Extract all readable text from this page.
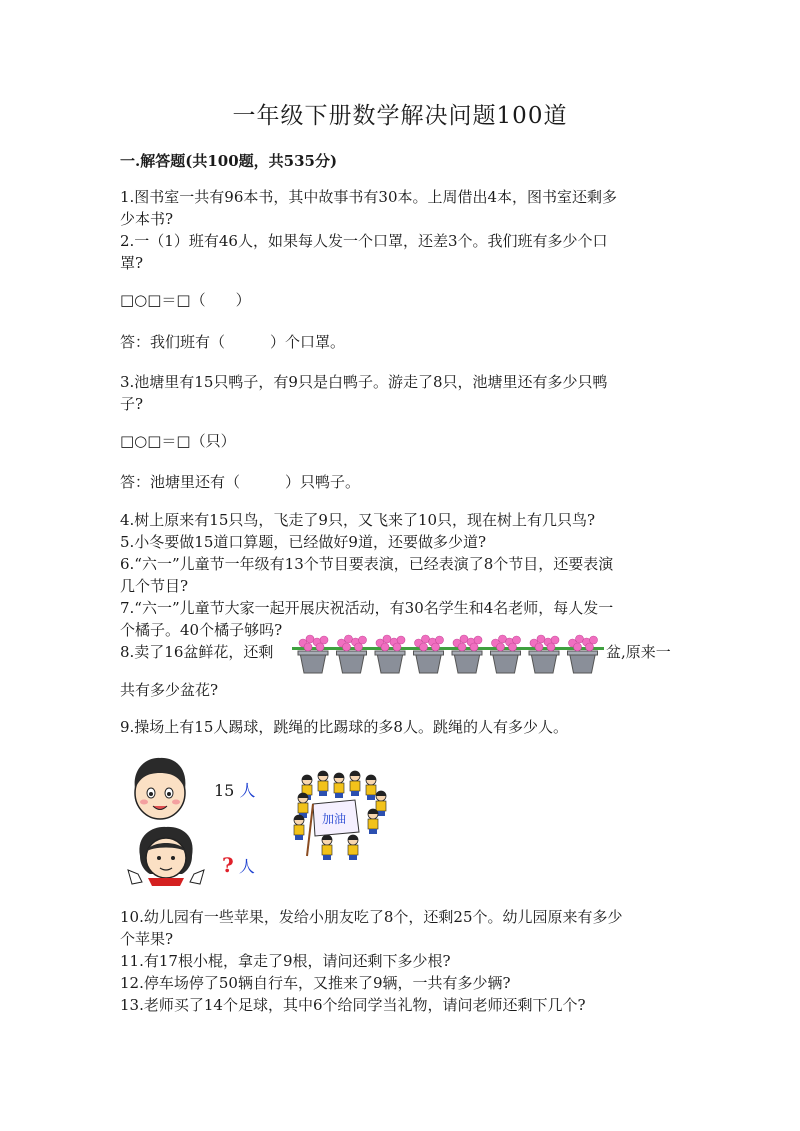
一年级下册数学解决问题100道
一.解答题(共100题，共535分)
1.图书室一共有96本书，其中故事书有30本。上周借出4本，图书室还剩多
少本书?
2.一（1）班有46人，如果每人发一个口罩，还差3个。我们班有多少个口
罩?
□○□＝□（　　）
答：我们班有（　　　）个口罩。
3.池塘里有15只鸭子，有9只是白鸭子。游走了8只，池塘里还有多少只鸭
子?
□○□＝□（只）
答：池塘里还有（　　　）只鸭子。
4.树上原来有15只鸟，飞走了9只，又飞来了10只，现在树上有几只鸟?
5.小冬要做15道口算题，已经做好9道，还要做多少道?
6.“六一”儿童节一年级有13个节目要表演，已经表演了8个节目，还要表演
几个节目?
7.“六一”儿童节大家一起开展庆祝活动，有30名学生和4名老师，每人发一
个橘子。40个橘子够吗?
8.卖了16盆鲜花，还剩	盆,原来一
共有多少盆花?
9.操场上有15人踢球，跳绳的比踢球的多8人。跳绳的人有多少人。
15 人
? 人
加油
10.幼儿园有一些苹果，发给小朋友吃了8个，还剩25个。幼儿园原来有多少
个苹果?
11.有17根小棍，拿走了9根，请问还剩下多少根?
12.停车场停了50辆自行车，又推来了9辆，一共有多少辆?
13.老师买了14个足球，其中6个给同学当礼物，请问老师还剩下几个?
